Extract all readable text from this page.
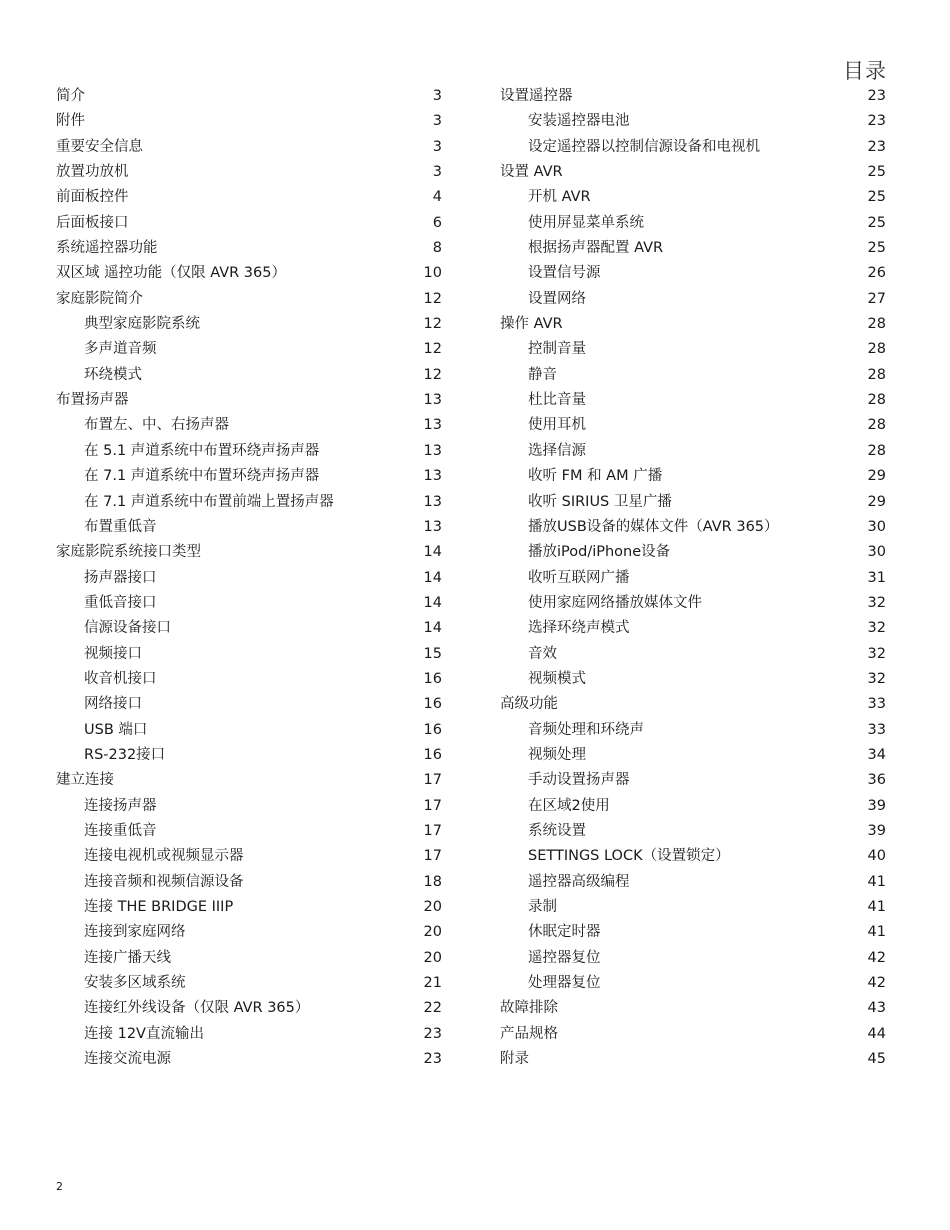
目录
简介	3
附件	3
重要安全信息	3
放置功放机	3
前面板控件	4
后面板接口	6
系统遥控器功能	8
双区域 遥控功能（仅限 AVR 365）	10
家庭影院简介	12
典型家庭影院系统	12
多声道音频	12
环绕模式	12
布置扬声器	13
布置左、中、右扬声器	13
在 5.1 声道系统中布置环绕声扬声器	13
在 7.1 声道系统中布置环绕声扬声器	13
在 7.1 声道系统中布置前端上置扬声器	13
布置重低音	13
家庭影院系统接口类型	14
扬声器接口	14
重低音接口	14
信源设备接口	14
视频接口	15
收音机接口	16
网络接口	16
USB 端口	16
RS-232接口	16
建立连接	17
连接扬声器	17
连接重低音	17
连接电视机或视频显示器	17
连接音频和视频信源设备	18
连接 THE BRIDGE IIIP	20
连接到家庭网络	20
连接广播天线	20
安装多区域系统	21
连接红外线设备（仅限 AVR 365）	22
连接 12V直流输出	23
连接交流电源	23
设置遥控器	23
安装遥控器电池	23
设定遥控器以控制信源设备和电视机	23
设置 AVR	25
开机 AVR	25
使用屏显菜单系统	25
根据扬声器配置 AVR	25
设置信号源	26
设置网络	27
操作 AVR	28
控制音量	28
静音	28
杜比音量	28
使用耳机	28
选择信源	28
收听 FM 和 AM 广播	29
收听 SIRIUS 卫星广播	29
播放USB设备的媒体文件（AVR 365）	30
播放iPod/iPhone设备	30
收听互联网广播	31
使用家庭网络播放媒体文件	32
选择环绕声模式	32
音效	32
视频模式	32
高级功能	33
音频处理和环绕声	33
视频处理	34
手动设置扬声器	36
在区域2使用	39
系统设置	39
SETTINGS LOCK（设置锁定）	40
遥控器高级编程	41
录制	41
休眠定时器	41
遥控器复位	42
处理器复位	42
故障排除	43
产品规格	44
附录	45
2
